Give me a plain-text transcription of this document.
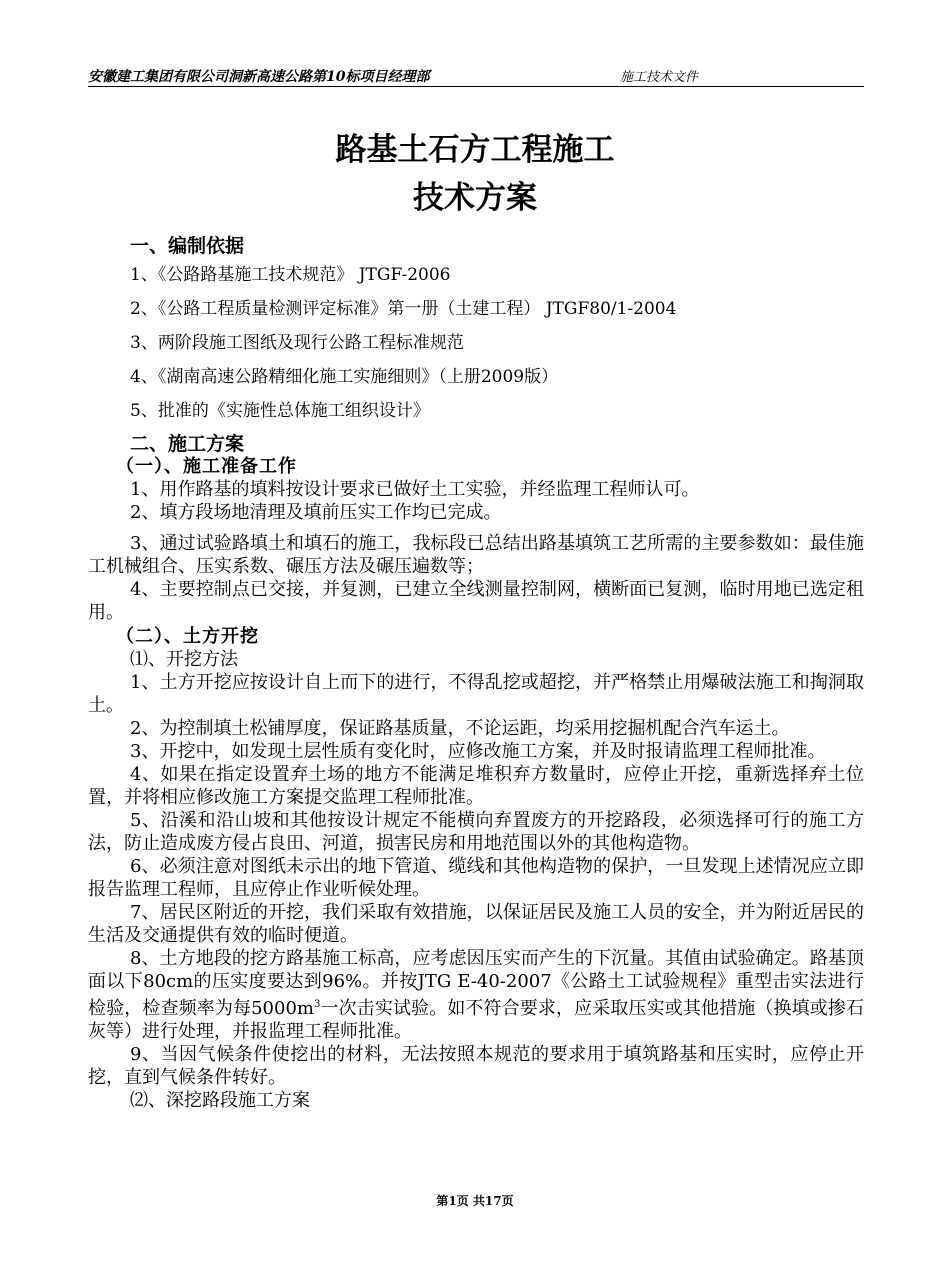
安徽建工集团有限公司洞新高速公路第10标项目经理部	施工技术文件
路基土石方工程施工
技术方案
一、编制依据
1、《公路路基施工技术规范》 JTGF-2006
2、《公路工程质量检测评定标准》第一册（土建工程） JTGF80/1-2004
3、两阶段施工图纸及现行公路工程标准规范
4、《湖南高速公路精细化施工实施细则》（上册2009版）
5、批准的《实施性总体施工组织设计》
二、施工方案
（一）、施工准备工作

1、用作路基的填料按设计要求已做好土工实验，并经监理工程师认可。

2、填方段场地清理及填前压实工作均已完成。

3、通过试验路填土和填石的施工，我标段已总结出路基填筑工艺所需的主要参数如：最佳施工机械组合、压实系数、碾压方法及碾压遍数等；

4、主要控制点已交接，并复测，已建立全线测量控制网，横断面已复测，临时用地已选定租用。

（二）、土方开挖
⑴、开挖方法

1、土方开挖应按设计自上而下的进行，不得乱挖或超挖，并严格禁止用爆破法施工和掏洞取土。

2、为控制填土松铺厚度，保证路基质量，不论运距，均采用挖掘机配合汽车运土。

3、开挖中，如发现土层性质有变化时，应修改施工方案，并及时报请监理工程师批准。

4、如果在指定设置弃土场的地方不能满足堆积弃方数量时，应停止开挖，重新选择弃土位置，并将相应修改施工方案提交监理工程师批准。

5、沿溪和沿山坡和其他按设计规定不能横向弃置废方的开挖路段，必须选择可行的施工方法，防止造成废方侵占良田、河道，损害民房和用地范围以外的其他构造物。

6、必须注意对图纸未示出的地下管道、缆线和其他构造物的保护，一旦发现上述情况应立即报告监理工程师，且应停止作业听候处理。

7、居民区附近的开挖，我们采取有效措施，以保证居民及施工人员的安全，并为附近居民的生活及交通提供有效的临时便道。

8、土方地段的挖方路基施工标高，应考虑因压实而产生的下沉量。其值由试验确定。路基顶面以下80cm的压实度要达到96%。并按JTG E-40-2007《公路土工试验规程》重型击实法进行检验，检查频率为每$5000m^3$一次击实试验。如不符合要求，应采取压实或其他措施（换填或掺石灰等）进行处理，并报监理工程师批准。

9、当因气候条件使挖出的材料，无法按照本规范的要求用于填筑路基和压实时，应停止开挖，直到气候条件转好。

⑵、深挖路段施工方案
第1页 共17页
